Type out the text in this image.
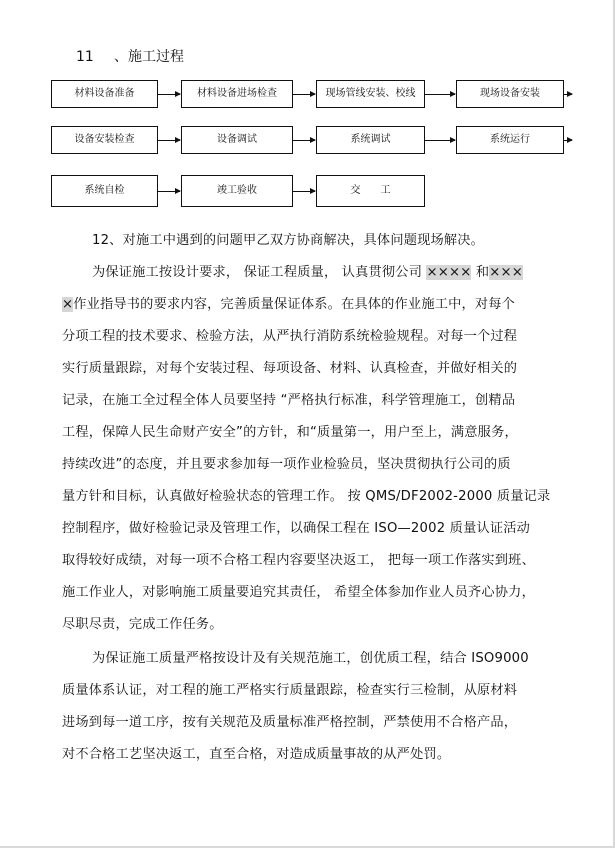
11 、施工过程
材料设备准备	材料设备进场检查	现场管线安装、校线	现场设备安装
设备安装检查	设备调试	系统调试	系统运行
系统自检	竣工验收	交　　工
12、对施工中遇到的问题甲乙双方协商解决，具体问题现场解决。
为保证施工按设计要求， 保证工程质量， 认真贯彻公司 ×××× 和×××
×作业指导书的要求内容，完善质量保证体系。在具体的作业施工中，对每个
分项工程的技术要求、检验方法，从严执行消防系统检验规程。对每一个过程
实行质量跟踪，对每个安装过程、每项设备、材料、认真检查，并做好相关的
记录，在施工全过程全体人员要坚持 “严格执行标准，科学管理施工，创精品
工程，保障人民生命财产安全”的方针，和“质量第一，用户至上，满意服务，
持续改进”的态度，并且要求参加每一项作业检验员，坚决贯彻执行公司的质
量方针和目标，认真做好检验状态的管理工作。 按 QMS/DF2002-2000 质量记录
控制程序，做好检验记录及管理工作，以确保工程在 ISO—2002 质量认证活动
取得较好成绩，对每一项不合格工程内容要坚决返工， 把每一项工作落实到班、
施工作业人，对影响施工质量要追究其责任， 希望全体参加作业人员齐心协力，
尽职尽责，完成工作任务。
为保证施工质量严格按设计及有关规范施工，创优质工程，结合 ISO9000
质量体系认证，对工程的施工严格实行质量跟踪，检查实行三检制，从原材料
进场到每一道工序，按有关规范及质量标准严格控制，严禁使用不合格产品，
对不合格工艺坚决返工，直至合格，对造成质量事故的从严处罚。
